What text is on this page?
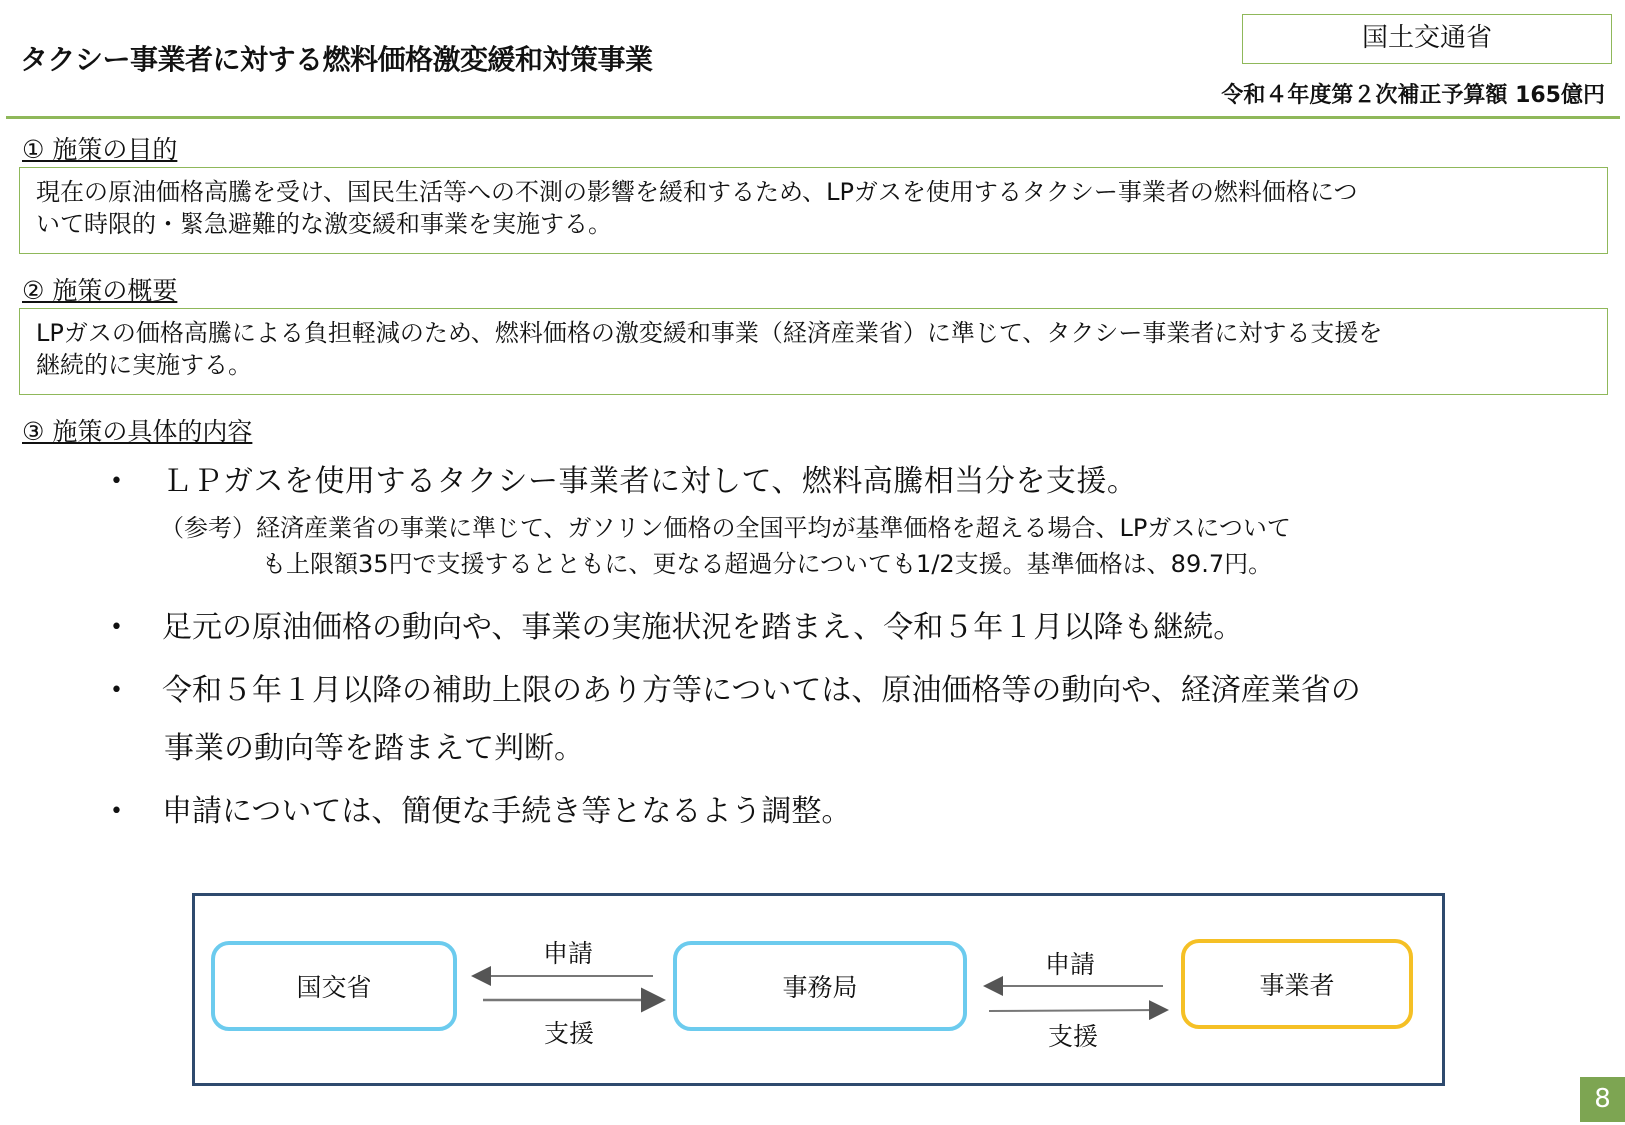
タクシー事業者に対する燃料価格激変緩和対策事業
国土交通省
令和４年度第２次補正予算額 165億円
① 施策の目的
現在の原油価格高騰を受け、国民生活等への不測の影響を緩和するため、LPガスを使用するタクシー事業者の燃料価格につ
いて時限的・緊急避難的な激変緩和事業を実施する。
② 施策の概要
LPガスの価格高騰による負担軽減のため、燃料価格の激変緩和事業（経済産業省）に準じて、タクシー事業者に対する支援を
継続的に実施する。
③ 施策の具体的内容
• ＬＰガスを使用するタクシー事業者に対して、燃料高騰相当分を支援。
（参考）経済産業省の事業に準じて、ガソリン価格の全国平均が基準価格を超える場合、LPガスについて
も上限額35円で支援するとともに、更なる超過分についても1/2支援。基準価格は、89.7円。
• 足元の原油価格の動向や、事業の実施状況を踏まえ、令和５年１月以降も継続。
• 令和５年１月以降の補助上限のあり方等については、原油価格等の動向や、経済産業省の
事業の動向等を踏まえて判断。
• 申請については、簡便な手続き等となるよう調整。
国交省	事務局	事業者
申請
支援
申請
支援
8
